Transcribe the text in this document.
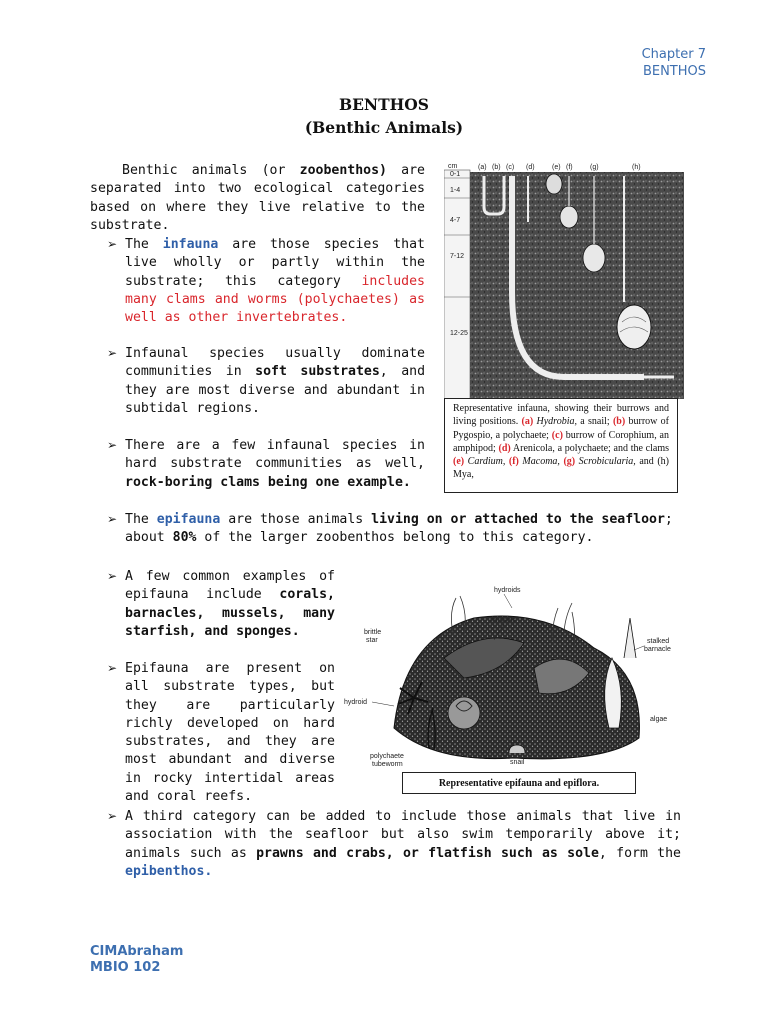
Chapter 7
BENTHOS
BENTHOS
(Benthic Animals)

Benthic animals (or zoobenthos) are separated into two ecological categories based on where they live relative to the substrate.

➢ The infauna are those species that live wholly or partly within the substrate; this category includes many clams and worms (polychaetes) as well as other invertebrates.

➢ Infaunal species usually dominate communities in soft substrates, and they are most diverse and abundant in subtidal regions.

➢ There are a few infaunal species in hard substrate communities as well, rock-boring clams being one example.

cm
0-1
1-4
4-7
7-12
12-25
(a) (b) (c) (d) (e) (f) (g)	(h)
Representative infauna, showing their burrows and living positions. (a) Hydrobia, a snail; (b) burrow of Pygospio, a polychaete; (c) burrow of Corophium, an amphipod; (d) Arenicola, a polychaete; and the clams (e) Cardium, (f) Macoma, (g) Scrobicularia, and (h) Mya,
➢ The epifauna are those animals living on or attached to the seafloor; about 80% of the larger zoobenthos belong to this category.

➢ A few common examples of epifauna include corals, barnacles, mussels, many starfish, and sponges.

➢ Epifauna are present on all substrate types, but they are particularly richly developed on hard substrates, and they are most abundant and diverse in rocky intertidal areas and coral reefs.

hydroids
mussels
brittle
star	stalked
barnacle
hydroid
algae
snail
polychaete
tubeworm
Representative epifauna and epiflora.
➢ A third category can be added to include those animals that live in association with the seafloor but also swim temporarily above it; animals such as prawns and crabs, or flatfish such as sole, form the epibenthos.

CIMAbraham
MBIO 102
